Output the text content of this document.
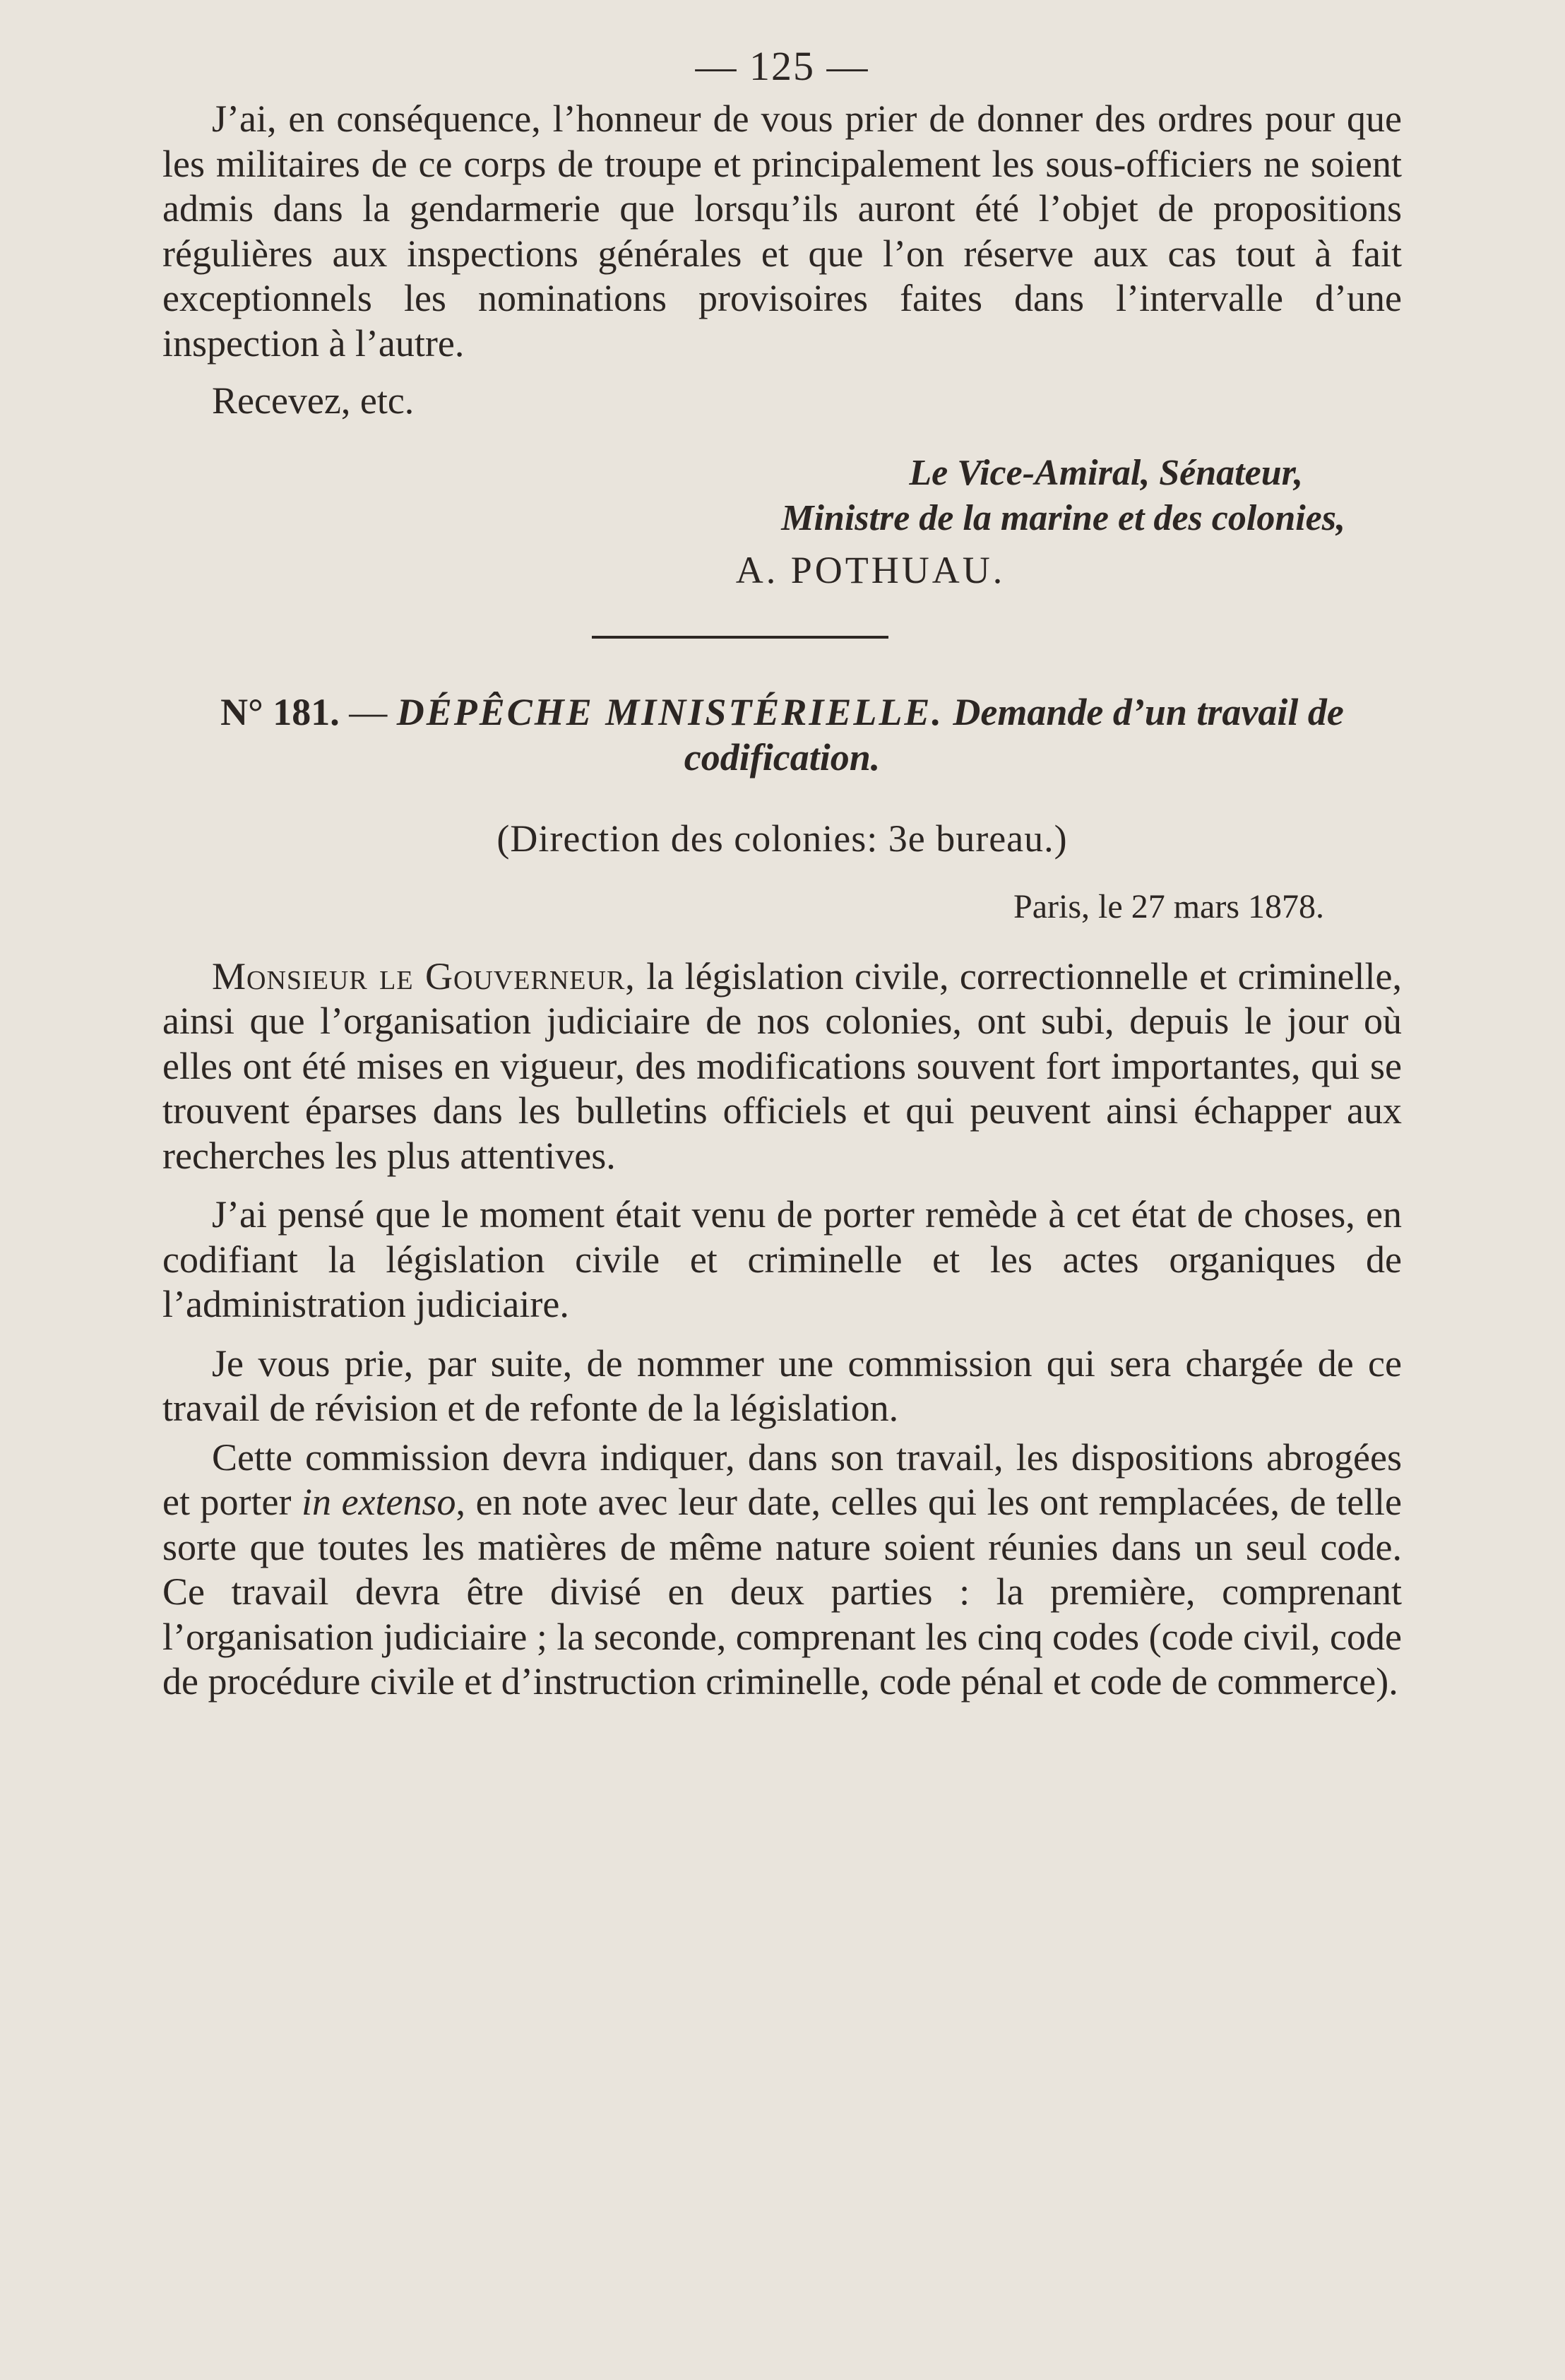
— 125 —

J’ai, en conséquence, l’honneur de vous prier de donner des ordres pour que les militaires de ce corps de troupe et principalement les sous-officiers ne soient admis dans la gendarmerie que lorsqu’ils auront été l’objet de propositions régulières aux inspections générales et que l’on réserve aux cas tout à fait exceptionnels les nominations provisoires faites dans l’intervalle d’une inspection à l’autre.

Recevez, etc.

Le Vice-Amiral, Sénateur,
Ministre de la marine et des colonies,
A. POTHUAU.
N° 181. — DÉPÊCHE MINISTÉRIELLE. Demande d’un travail de codification.
(Direction des colonies: 3e bureau.)
Paris, le 27 mars 1878.

Monsieur le Gouverneur, la législation civile, correctionnelle et criminelle, ainsi que l’organisation judiciaire de nos colonies, ont subi, depuis le jour où elles ont été mises en vigueur, des modifications souvent fort importantes, qui se trouvent éparses dans les bulletins officiels et qui peuvent ainsi échapper aux recherches les plus attentives.

J’ai pensé que le moment était venu de porter remède à cet état de choses, en codifiant la législation civile et criminelle et les actes organiques de l’administration judiciaire.

Je vous prie, par suite, de nommer une commission qui sera chargée de ce travail de révision et de refonte de la législation.

Cette commission devra indiquer, dans son travail, les dispositions abrogées et porter in extenso, en note avec leur date, celles qui les ont remplacées, de telle sorte que toutes les matières de même nature soient réunies dans un seul code. Ce travail devra être divisé en deux parties : la première, comprenant l’organisation judiciaire ; la seconde, comprenant les cinq codes (code civil, code de procédure civile et d’instruction criminelle, code pénal et code de commerce).
